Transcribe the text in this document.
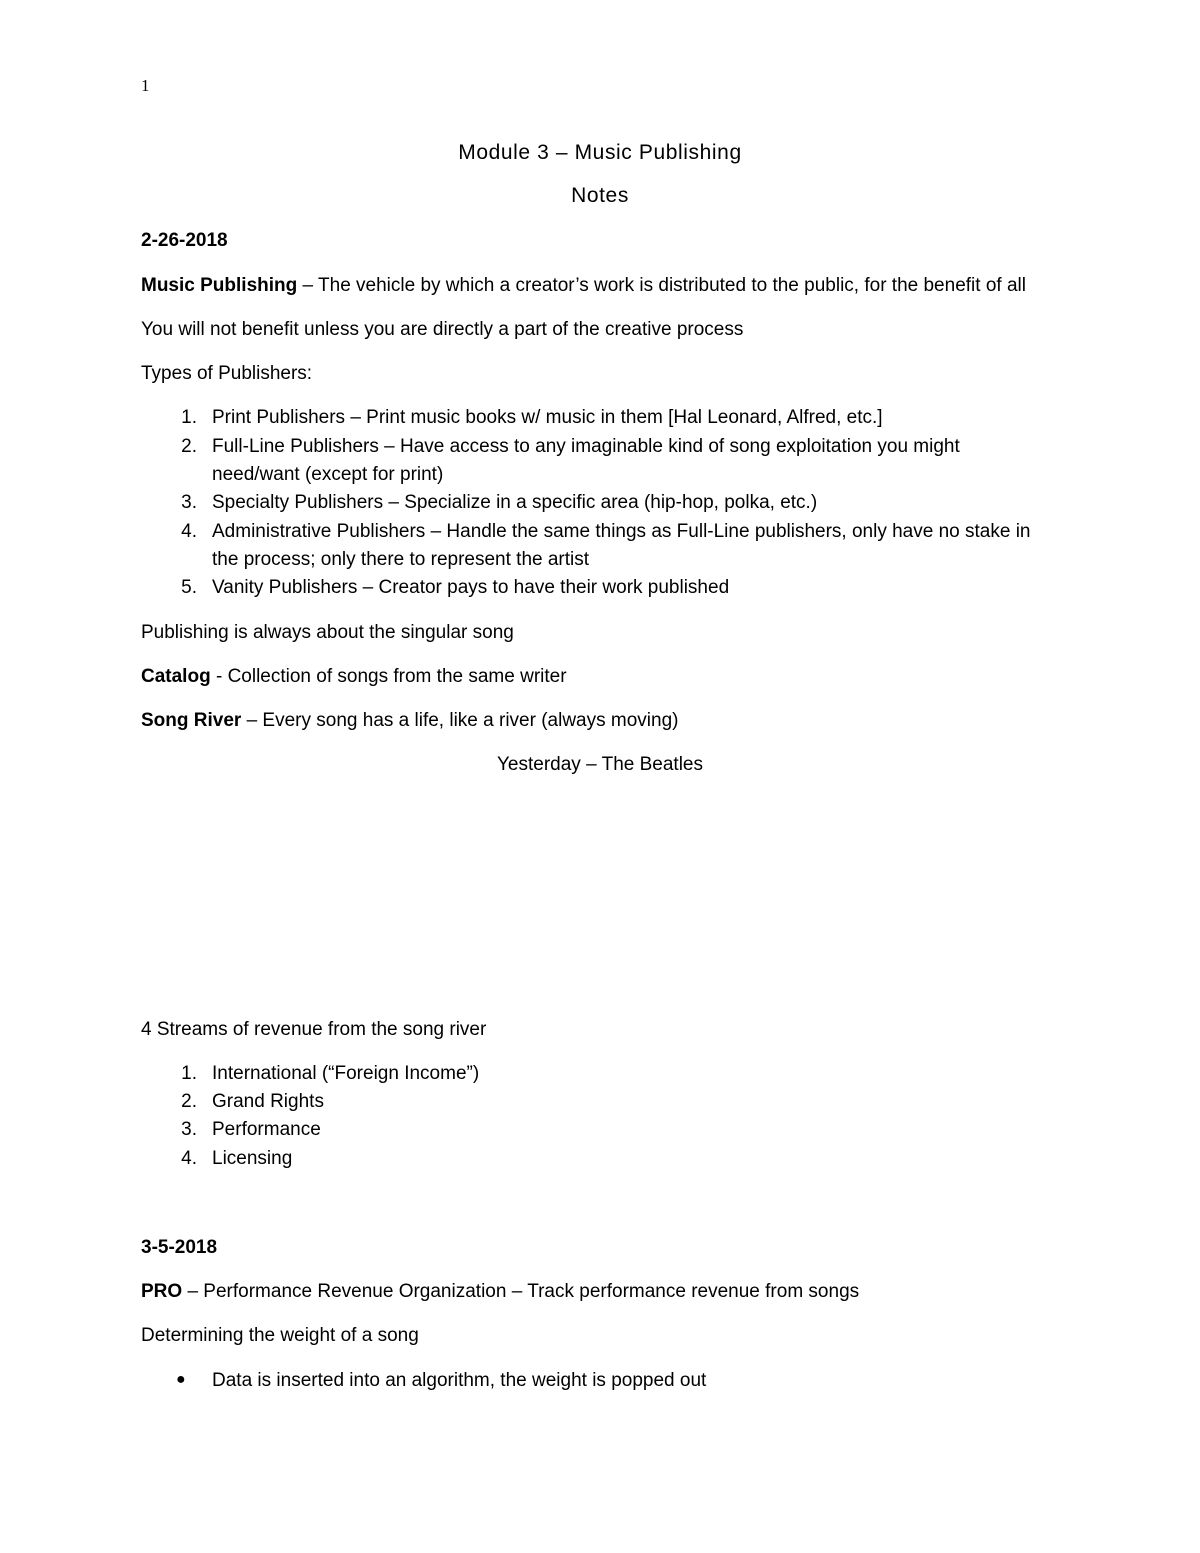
1
Module 3 – Music Publishing
Notes
2-26-2018
Music Publishing – The vehicle by which a creator’s work is distributed to the public, for the benefit of all
You will not benefit unless you are directly a part of the creative process
Types of Publishers:
1. Print Publishers – Print music books w/ music in them [Hal Leonard, Alfred, etc.]
2. Full-Line Publishers – Have access to any imaginable kind of song exploitation you might
need/want (except for print)
3. Specialty Publishers – Specialize in a specific area (hip-hop, polka, etc.)
4. Administrative Publishers – Handle the same things as Full-Line publishers, only have no stake in
the process; only there to represent the artist
5. Vanity Publishers – Creator pays to have their work published
Publishing is always about the singular song
Catalog - Collection of songs from the same writer
Song River – Every song has a life, like a river (always moving)
Yesterday – The Beatles
4 Streams of revenue from the song river
1. International (“Foreign Income”)
2. Grand Rights
3. Performance
4. Licensing
3-5-2018
PRO – Performance Revenue Organization – Track performance revenue from songs
Determining the weight of a song
● Data is inserted into an algorithm, the weight is popped out
